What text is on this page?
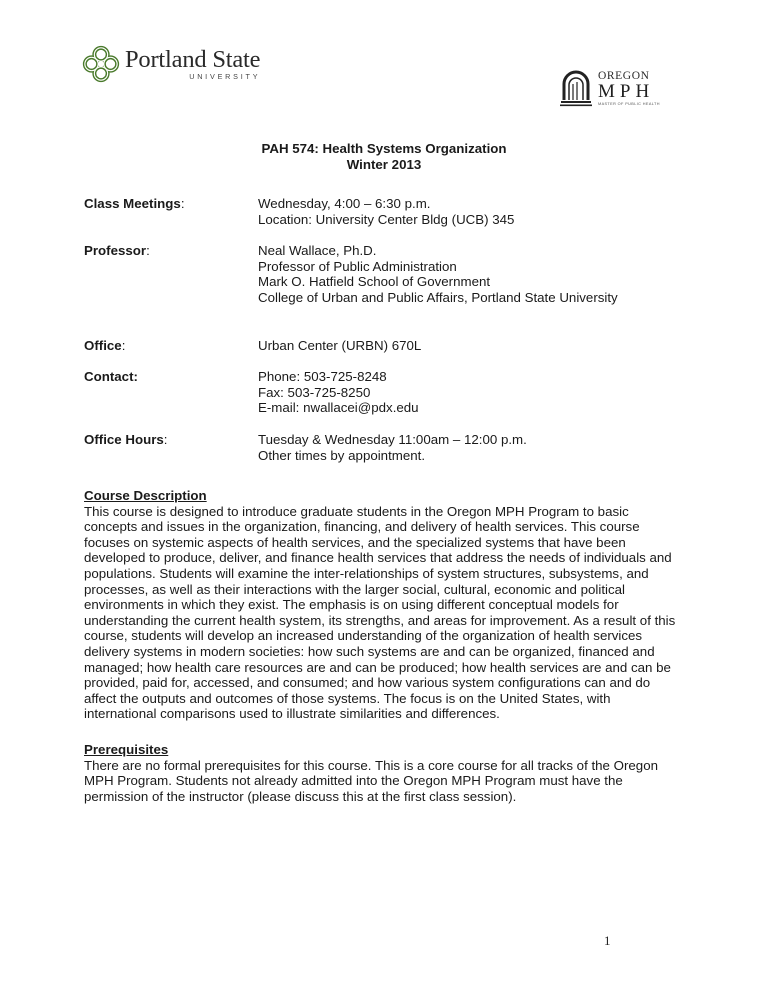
Portland State
UNIVERSITY	OREGON
MPH
MASTER OF PUBLIC HEALTH
PAH 574: Health Systems Organization
Winter 2013
Class Meetings:	Wednesday, 4:00 – 6:30 p.m.
Location: University Center Bldg (UCB) 345
Professor:	Neal Wallace, Ph.D.
Professor of Public Administration
Mark O. Hatfield School of Government
College of Urban and Public Affairs, Portland State University
Office:	Urban Center (URBN) 670L
Contact:	Phone: 503-725-8248
Fax: 503-725-8250
E-mail: nwallacei@pdx.edu
Office Hours:	Tuesday & Wednesday 11:00am – 12:00 p.m.
Other times by appointment.
Course Description
This course is designed to introduce graduate students in the Oregon MPH Program to basic
concepts and issues in the organization, financing, and delivery of health services. This course
focuses on systemic aspects of health services, and the specialized systems that have been
developed to produce, deliver, and finance health services that address the needs of individuals and
populations. Students will examine the inter-relationships of system structures, subsystems, and
processes, as well as their interactions with the larger social, cultural, economic and political
environments in which they exist. The emphasis is on using different conceptual models for
understanding the current health system, its strengths, and areas for improvement. As a result of this
course, students will develop an increased understanding of the organization of health services
delivery systems in modern societies: how such systems are and can be organized, financed and
managed; how health care resources are and can be produced; how health services are and can be
provided, paid for, accessed, and consumed; and how various system configurations can and do
affect the outputs and outcomes of those systems. The focus is on the United States, with
international comparisons used to illustrate similarities and differences.
Prerequisites
There are no formal prerequisites for this course. This is a core course for all tracks of the Oregon
MPH Program. Students not already admitted into the Oregon MPH Program must have the
permission of the instructor (please discuss this at the first class session).
1
